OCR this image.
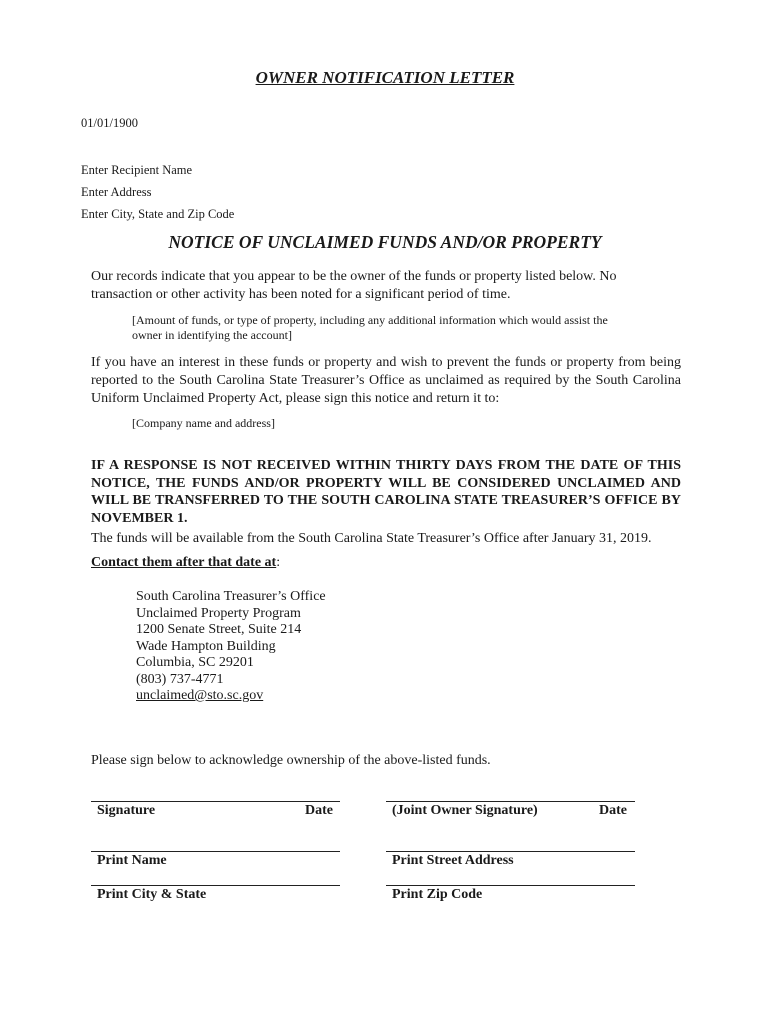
OWNER NOTIFICATION LETTER
01/01/1900
Enter Recipient Name
Enter Address
Enter City, State and Zip Code
NOTICE OF UNCLAIMED FUNDS AND/OR PROPERTY
Our records indicate that you appear to be the owner of the funds or property listed below. No transaction or other activity has been noted for a significant period of time.
[Amount of funds, or type of property, including any additional information which would assist the owner in identifying the account]
If you have an interest in these funds or property and wish to prevent the funds or property from being reported to the South Carolina State Treasurer’s Office as unclaimed as required by the South Carolina Uniform Unclaimed Property Act, please sign this notice and return it to:
[Company name and address]
IF A RESPONSE IS NOT RECEIVED WITHIN THIRTY DAYS FROM THE DATE OF THIS NOTICE, THE FUNDS AND/OR PROPERTY WILL BE CONSIDERED UNCLAIMED AND WILL BE TRANSFERRED TO THE SOUTH CAROLINA STATE TREASURER’S OFFICE BY NOVEMBER 1.
The funds will be available from the South Carolina State Treasurer’s Office after January 31, 2019.
Contact them after that date at:
South Carolina Treasurer’s Office
Unclaimed Property Program
1200 Senate Street, Suite 214
Wade Hampton Building
Columbia, SC 29201
(803) 737-4771
unclaimed@sto.sc.gov
Please sign below to acknowledge ownership of the above-listed funds.
Signature	Date	(Joint Owner Signature)	Date
Print Name	Print Street Address
Print City & State	Print Zip Code
